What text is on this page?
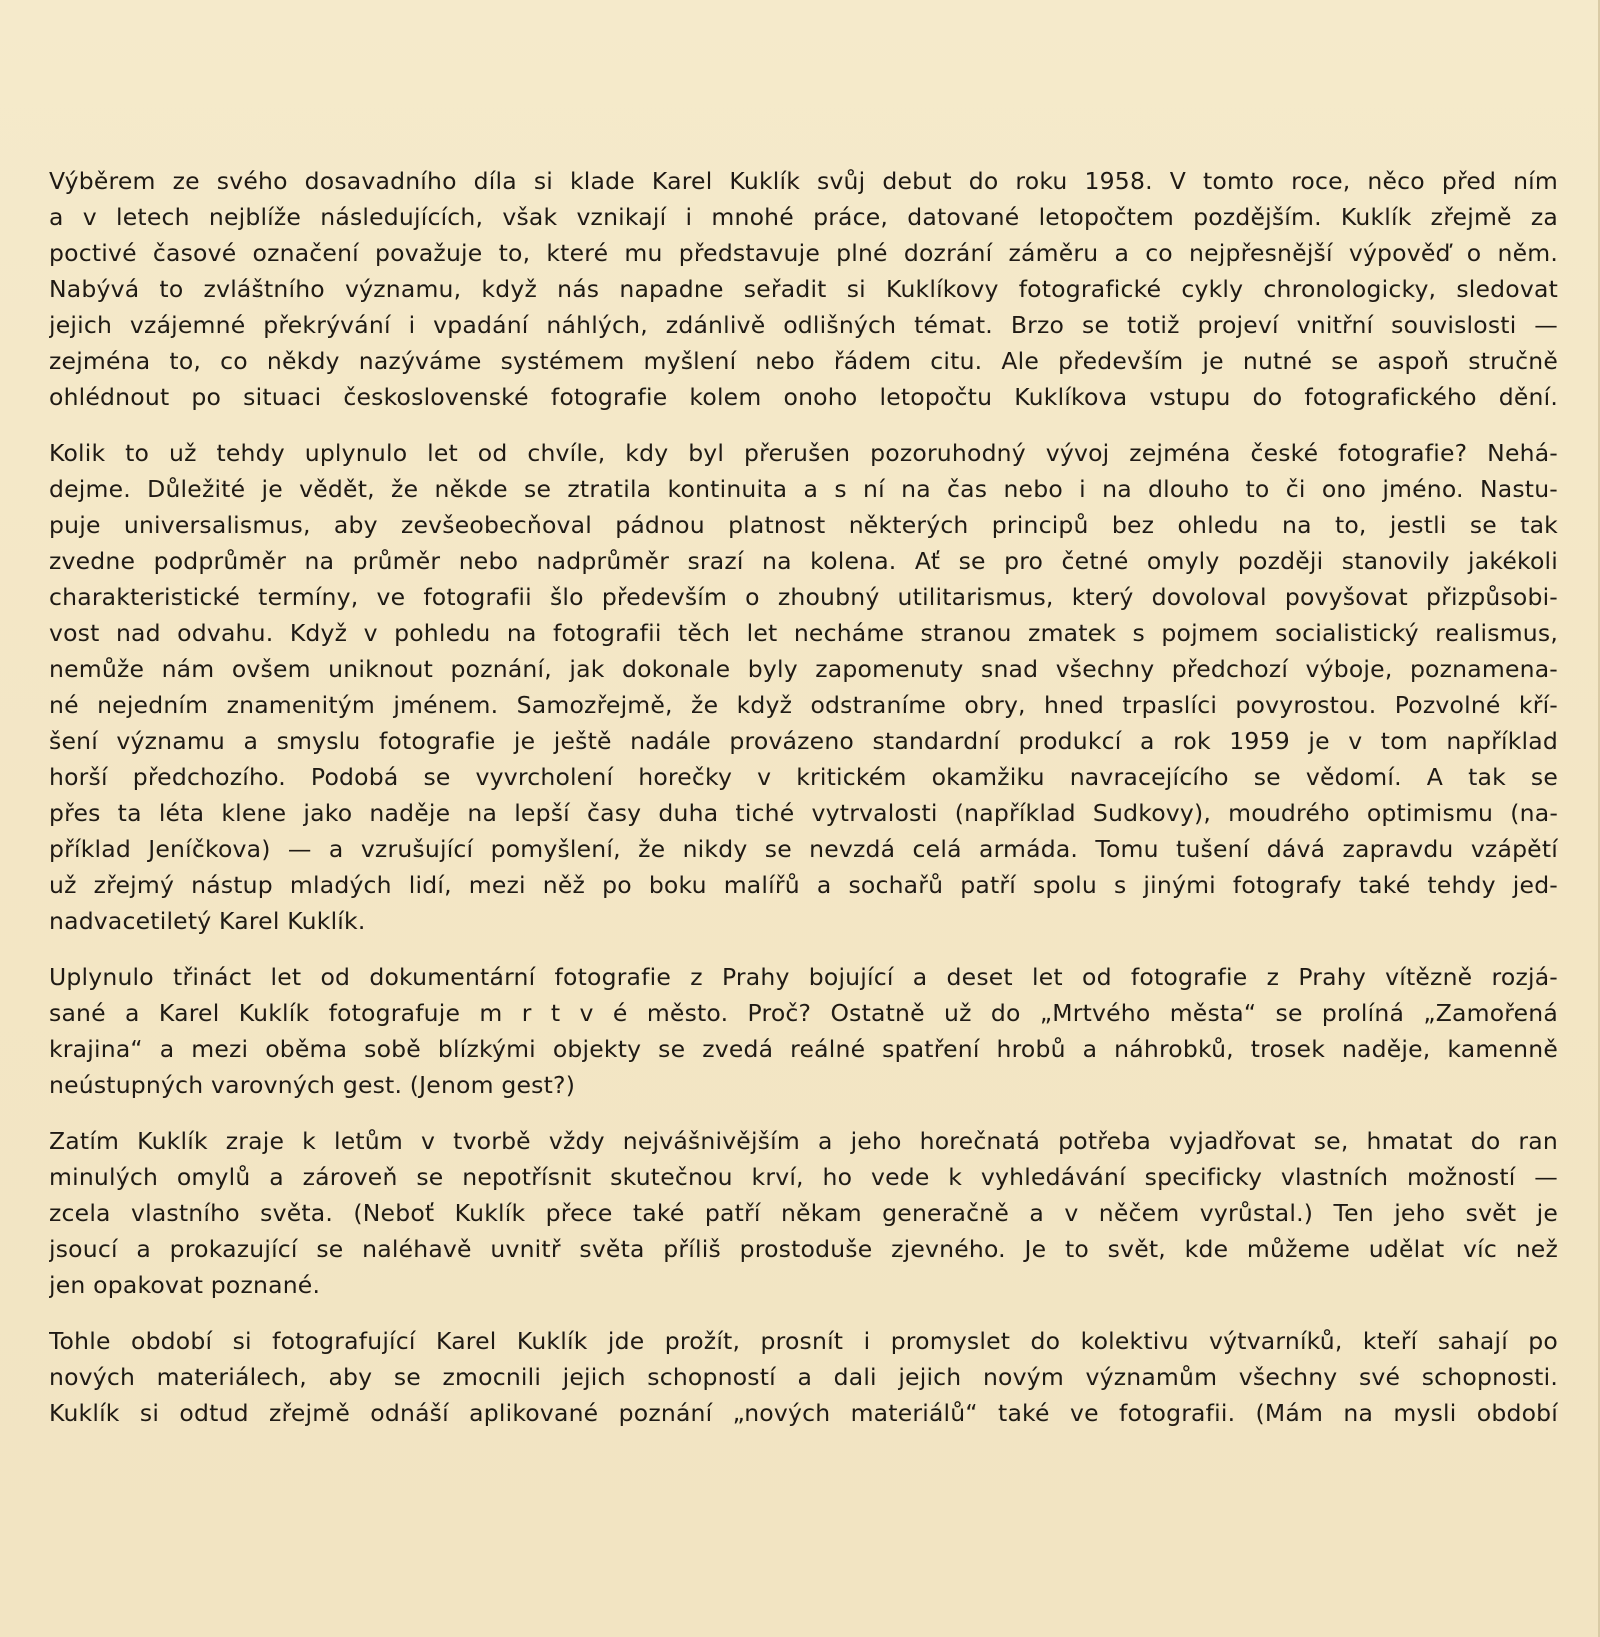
Výběrem ze svého dosavadního díla si klade Karel Kuklík svůj debut do roku 1958. V tomto roce, něco před ním
a v letech nejblíže následujících, však vznikají i mnohé práce, datované letopočtem pozdějším. Kuklík zřejmě za
poctivé časové označení považuje to, které mu představuje plné dozrání záměru a co nejpřesnější výpověď o něm.
Nabývá to zvláštního významu, když nás napadne seřadit si Kuklíkovy fotografické cykly chronologicky, sledovat
jejich vzájemné překrývání i vpadání náhlých, zdánlivě odlišných témat. Brzo se totiž projeví vnitřní souvislosti —
zejména to, co někdy nazýváme systémem myšlení nebo řádem citu. Ale především je nutné se aspoň stručně
ohlédnout po situaci československé fotografie kolem onoho letopočtu Kuklíkova vstupu do fotografického dění.
Kolik to už tehdy uplynulo let od chvíle, kdy byl přerušen pozoruhodný vývoj zejména české fotografie? Nehá-
dejme. Důležité je vědět, že někde se ztratila kontinuita a s ní na čas nebo i na dlouho to či ono jméno. Nastu-
puje universalismus, aby zevšeobecňoval pádnou platnost některých principů bez ohledu na to, jestli se tak
zvedne podprůměr na průměr nebo nadprůměr srazí na kolena. Ať se pro četné omyly později stanovily jakékoli
charakteristické termíny, ve fotografii šlo především o zhoubný utilitarismus, který dovoloval povyšovat přizpůsobi-
vost nad odvahu. Když v pohledu na fotografii těch let necháme stranou zmatek s pojmem socialistický realismus,
nemůže nám ovšem uniknout poznání, jak dokonale byly zapomenuty snad všechny předchozí výboje, poznamena-
né nejedním znamenitým jménem. Samozřejmě, že když odstraníme obry, hned trpaslíci povyrostou. Pozvolné kří-
šení významu a smyslu fotografie je ještě nadále provázeno standardní produkcí a rok 1959 je v tom například
horší předchozího. Podobá se vyvrcholení horečky v kritickém okamžiku navracejícího se vědomí. A tak se
přes ta léta klene jako naděje na lepší časy duha tiché vytrvalosti (například Sudkovy), moudrého optimismu (na-
příklad Jeníčkova) — a vzrušující pomyšlení, že nikdy se nevzdá celá armáda. Tomu tušení dává zapravdu vzápětí
už zřejmý nástup mladých lidí, mezi něž po boku malířů a sochařů patří spolu s jinými fotografy také tehdy jed-
nadvacetiletý Karel Kuklík.
Uplynulo třináct let od dokumentární fotografie z Prahy bojující a deset let od fotografie z Prahy vítězně rozjá-
sané a Karel Kuklík fotografuje m r t v é město. Proč? Ostatně už do „Mrtvého města“ se prolíná „Zamořená
krajina“ a mezi oběma sobě blízkými objekty se zvedá reálné spatření hrobů a náhrobků, trosek naděje, kamenně
neústupných varovných gest. (Jenom gest?)
Zatím Kuklík zraje k letům v tvorbě vždy nejvášnivějším a jeho horečnatá potřeba vyjadřovat se, hmatat do ran
minulých omylů a zároveň se nepotřísnit skutečnou krví, ho vede k vyhledávání specificky vlastních možností —
zcela vlastního světa. (Neboť Kuklík přece také patří někam generačně a v něčem vyrůstal.) Ten jeho svět je
jsoucí a prokazující se naléhavě uvnitř světa příliš prostoduše zjevného. Je to svět, kde můžeme udělat víc než
jen opakovat poznané.
Tohle období si fotografující Karel Kuklík jde prožít, prosnít i promyslet do kolektivu výtvarníků, kteří sahají po
nových materiálech, aby se zmocnili jejich schopností a dali jejich novým významům všechny své schopnosti.
Kuklík si odtud zřejmě odnáší aplikované poznání „nových materiálů“ také ve fotografii. (Mám na mysli období
